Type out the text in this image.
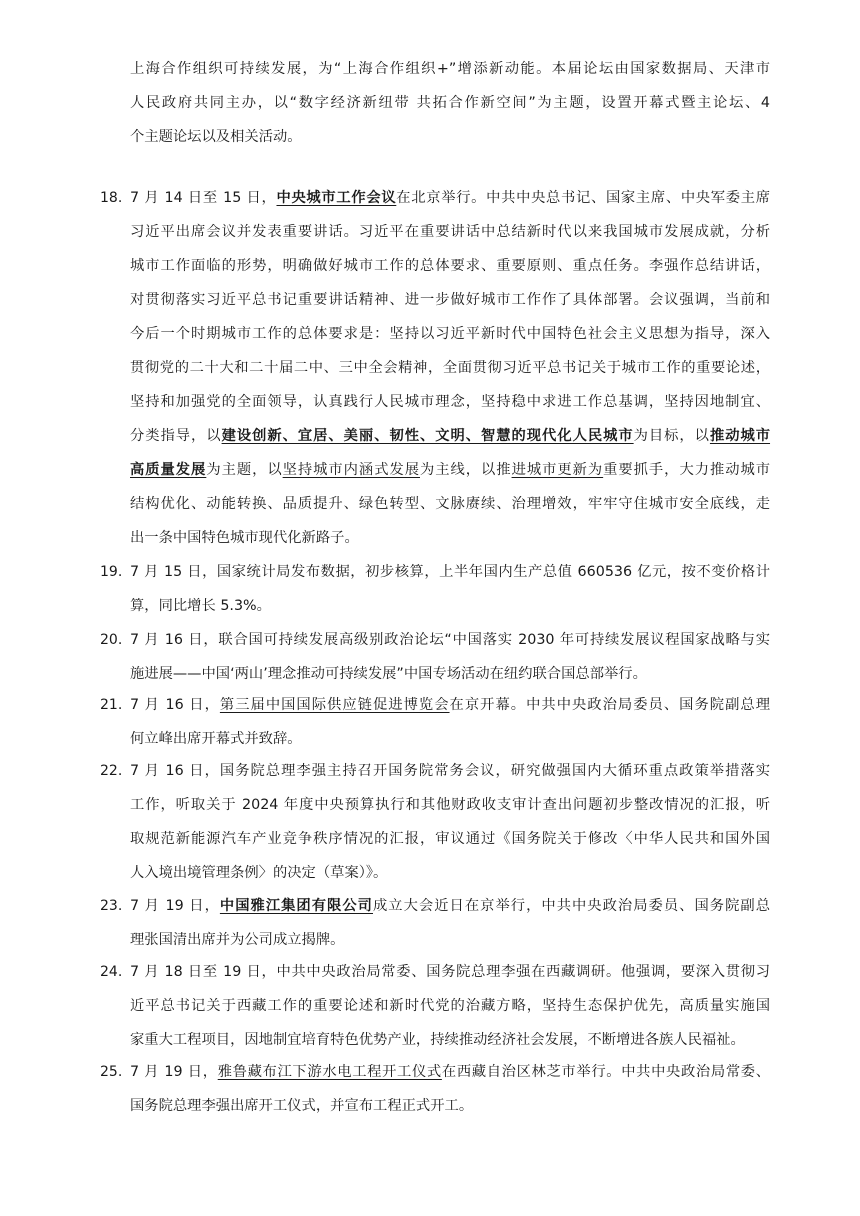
上海合作组织可持续发展，为“上海合作组织+”增添新动能。本届论坛由国家数据局、天津市
人民政府共同主办，以“数字经济新纽带 共拓合作新空间”为主题，设置开幕式暨主论坛、4
个主题论坛以及相关活动。
18. 7 月 14 日至 15 日，中央城市工作会议在北京举行。中共中央总书记、国家主席、中央军委主席
习近平出席会议并发表重要讲话。习近平在重要讲话中总结新时代以来我国城市发展成就，分析
城市工作面临的形势，明确做好城市工作的总体要求、重要原则、重点任务。李强作总结讲话，
对贯彻落实习近平总书记重要讲话精神、进一步做好城市工作作了具体部署。会议强调，当前和
今后一个时期城市工作的总体要求是：坚持以习近平新时代中国特色社会主义思想为指导，深入
贯彻党的二十大和二十届二中、三中全会精神，全面贯彻习近平总书记关于城市工作的重要论述，
坚持和加强党的全面领导，认真践行人民城市理念，坚持稳中求进工作总基调，坚持因地制宜、
分类指导，以建设创新、宜居、美丽、韧性、文明、智慧的现代化人民城市为目标，以推动城市
高质量发展为主题，以坚持城市内涵式发展为主线，以推进城市更新为重要抓手，大力推动城市
结构优化、动能转换、品质提升、绿色转型、文脉赓续、治理增效，牢牢守住城市安全底线，走
出一条中国特色城市现代化新路子。
19. 7 月 15 日，国家统计局发布数据，初步核算，上半年国内生产总值 660536 亿元，按不变价格计
算，同比增长 5.3%。
20. 7 月 16 日，联合国可持续发展高级别政治论坛“中国落实 2030 年可持续发展议程国家战略与实
施进展——中国‘两山’理念推动可持续发展”中国专场活动在纽约联合国总部举行。
21. 7 月 16 日，第三届中国国际供应链促进博览会在京开幕。中共中央政治局委员、国务院副总理
何立峰出席开幕式并致辞。
22. 7 月 16 日，国务院总理李强主持召开国务院常务会议，研究做强国内大循环重点政策举措落实
工作，听取关于 2024 年度中央预算执行和其他财政收支审计查出问题初步整改情况的汇报，听
取规范新能源汽车产业竞争秩序情况的汇报，审议通过《国务院关于修改〈中华人民共和国外国
人入境出境管理条例〉的决定（草案）》。
23. 7 月 19 日，中国雅江集团有限公司成立大会近日在京举行，中共中央政治局委员、国务院副总
理张国清出席并为公司成立揭牌。
24. 7 月 18 日至 19 日，中共中央政治局常委、国务院总理李强在西藏调研。他强调，要深入贯彻习
近平总书记关于西藏工作的重要论述和新时代党的治藏方略，坚持生态保护优先，高质量实施国
家重大工程项目，因地制宜培育特色优势产业，持续推动经济社会发展，不断增进各族人民福祉。
25. 7 月 19 日，雅鲁藏布江下游水电工程开工仪式在西藏自治区林芝市举行。中共中央政治局常委、
国务院总理李强出席开工仪式，并宣布工程正式开工。
